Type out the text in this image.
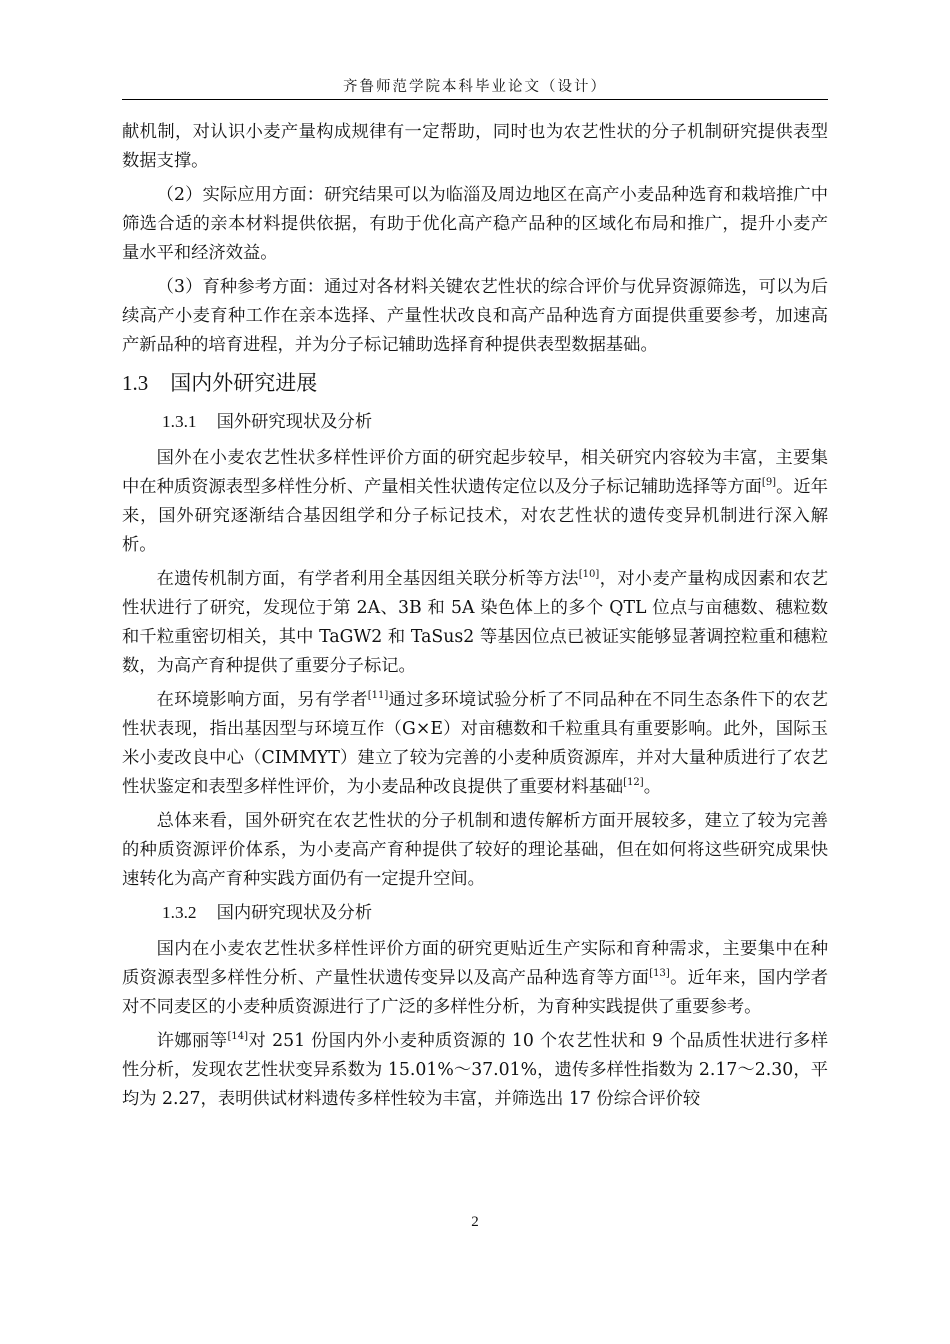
齐鲁师范学院本科毕业论文（设计）

献机制，对认识小麦产量构成规律有一定帮助，同时也为农艺性状的分子机制研究提供表型数据支撑。

（2）实际应用方面：研究结果可以为临淄及周边地区在高产小麦品种选育和栽培推广中筛选合适的亲本材料提供依据，有助于优化高产稳产品种的区域化布局和推广，提升小麦产量水平和经济效益。

（3）育种参考方面：通过对各材料关键农艺性状的综合评价与优异资源筛选，可以为后续高产小麦育种工作在亲本选择、产量性状改良和高产品种选育方面提供重要参考，加速高产新品种的培育进程，并为分子标记辅助选择育种提供表型数据基础。

1.3 国内外研究进展
1.3.1 国外研究现状及分析

国外在小麦农艺性状多样性评价方面的研究起步较早，相关研究内容较为丰富，主要集中在种质资源表型多样性分析、产量相关性状遗传定位以及分子标记辅助选择等方面[9]。近年来，国外研究逐渐结合基因组学和分子标记技术，对农艺性状的遗传变异机制进行深入解析。

在遗传机制方面，有学者利用全基因组关联分析等方法[10]，对小麦产量构成因素和农艺性状进行了研究，发现位于第 2A、3B 和 5A 染色体上的多个 QTL 位点与亩穗数、穗粒数和千粒重密切相关，其中 TaGW2 和 TaSus2 等基因位点已被证实能够显著调控粒重和穗粒数，为高产育种提供了重要分子标记。

在环境影响方面，另有学者[11]通过多环境试验分析了不同品种在不同生态条件下的农艺性状表现，指出基因型与环境互作（G×E）对亩穗数和千粒重具有重要影响。此外，国际玉米小麦改良中心（CIMMYT）建立了较为完善的小麦种质资源库，并对大量种质进行了农艺性状鉴定和表型多样性评价，为小麦品种改良提供了重要材料基础[12]。

总体来看，国外研究在农艺性状的分子机制和遗传解析方面开展较多，建立了较为完善的种质资源评价体系，为小麦高产育种提供了较好的理论基础，但在如何将这些研究成果快速转化为高产育种实践方面仍有一定提升空间。

1.3.2 国内研究现状及分析

国内在小麦农艺性状多样性评价方面的研究更贴近生产实际和育种需求，主要集中在种质资源表型多样性分析、产量性状遗传变异以及高产品种选育等方面[13]。近年来，国内学者对不同麦区的小麦种质资源进行了广泛的多样性分析，为育种实践提供了重要参考。

许娜丽等[14]对 251 份国内外小麦种质资源的 10 个农艺性状和 9 个品质性状进行多样性分析，发现农艺性状变异系数为 15.01%～37.01%，遗传多样性指数为 2.17～2.30，平均为 2.27，表明供试材料遗传多样性较为丰富，并筛选出 17 份综合评价较

2
